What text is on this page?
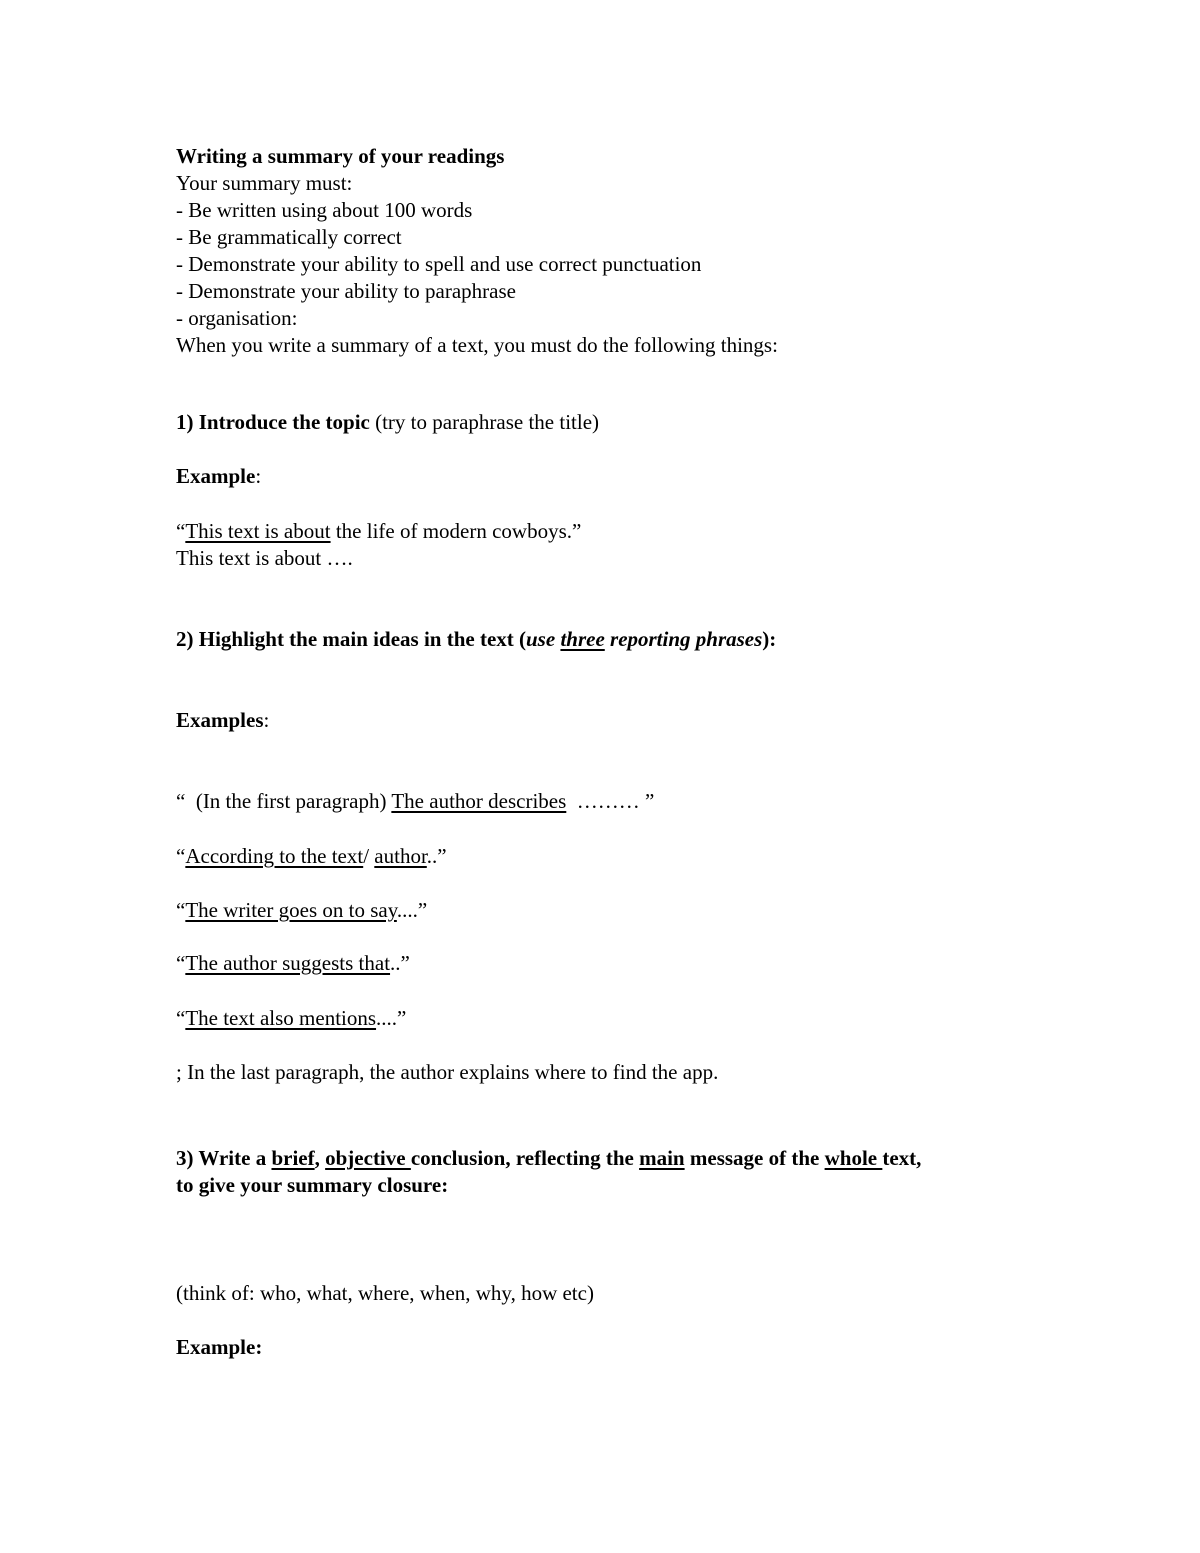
Writing a summary of your readings
Your summary must:
- Be written using about 100 words
- Be grammatically correct
- Demonstrate your ability to spell and use correct punctuation
- Demonstrate your ability to paraphrase
- organisation:
When you write a summary of a text, you must do the following things:
1) Introduce the topic (try to paraphrase the title)
Example:
“This text is about the life of modern cowboys.”
This text is about ….
2) Highlight the main ideas in the text (use three reporting phrases):
Examples:
“  (In the first paragraph) The author describes  ……… ”
“According to the text/ author..”
“The writer goes on to say....”
“The author suggests that..”
“The text also mentions....”
; In the last paragraph, the author explains where to find the app.
3) Write a brief, objective conclusion, reflecting the main message of the whole text,
to give your summary closure:
(think of: who, what, where, when, why, how etc)
Example:
